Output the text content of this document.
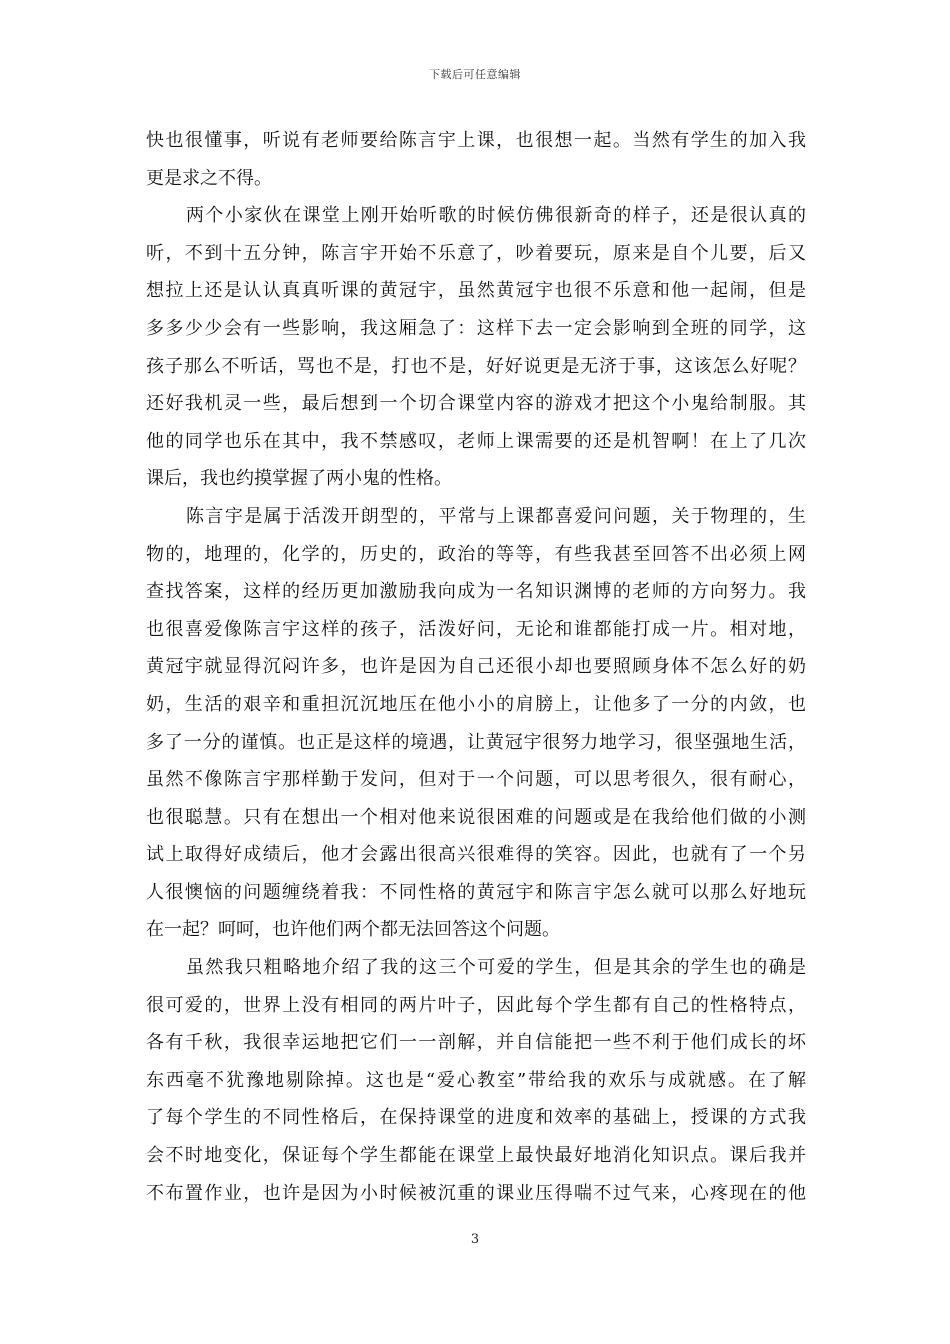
下载后可任意编辑
快也很懂事，听说有老师要给陈言宇上课，也很想一起。当然有学生的加入我
更是求之不得。
两个小家伙在课堂上刚开始听歌的时候仿佛很新奇的样子，还是很认真的
听，不到十五分钟，陈言宇开始不乐意了，吵着要玩，原来是自个儿要，后又
想拉上还是认认真真听课的黄冠宇，虽然黄冠宇也很不乐意和他一起闹，但是
多多少少会有一些影响，我这厢急了：这样下去一定会影响到全班的同学，这
孩子那么不听话，骂也不是，打也不是，好好说更是无济于事，这该怎么好呢？
还好我机灵一些，最后想到一个切合课堂内容的游戏才把这个小鬼给制服。其
他的同学也乐在其中，我不禁感叹，老师上课需要的还是机智啊！在上了几次
课后，我也约摸掌握了两小鬼的性格。
陈言宇是属于活泼开朗型的，平常与上课都喜爱问问题，关于物理的，生
物的，地理的，化学的，历史的，政治的等等，有些我甚至回答不出必须上网
查找答案，这样的经历更加激励我向成为一名知识渊博的老师的方向努力。我
也很喜爱像陈言宇这样的孩子，活泼好问，无论和谁都能打成一片。相对地，
黄冠宇就显得沉闷许多，也许是因为自己还很小却也要照顾身体不怎么好的奶
奶，生活的艰辛和重担沉沉地压在他小小的肩膀上，让他多了一分的内敛，也
多了一分的谨慎。也正是这样的境遇，让黄冠宇很努力地学习，很坚强地生活，
虽然不像陈言宇那样勤于发问，但对于一个问题，可以思考很久，很有耐心，
也很聪慧。只有在想出一个相对他来说很困难的问题或是在我给他们做的小测
试上取得好成绩后，他才会露出很高兴很难得的笑容。因此，也就有了一个另
人很懊恼的问题缠绕着我：不同性格的黄冠宇和陈言宇怎么就可以那么好地玩
在一起？呵呵，也许他们两个都无法回答这个问题。
虽然我只粗略地介绍了我的这三个可爱的学生，但是其余的学生也的确是
很可爱的，世界上没有相同的两片叶子，因此每个学生都有自己的性格特点，
各有千秋，我很幸运地把它们一一剖解，并自信能把一些不利于他们成长的坏
东西毫不犹豫地剔除掉。这也是“爱心教室”带给我的欢乐与成就感。在了解
了每个学生的不同性格后，在保持课堂的进度和效率的基础上，授课的方式我
会不时地变化，保证每个学生都能在课堂上最快最好地消化知识点。课后我并
不布置作业，也许是因为小时候被沉重的课业压得喘不过气来，心疼现在的他
3
